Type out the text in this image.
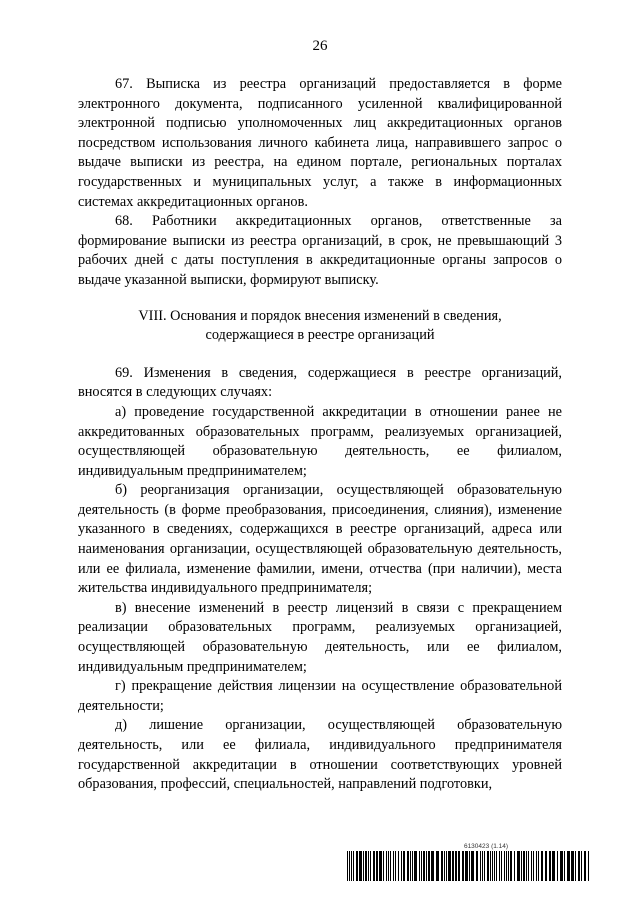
26

67. Выписка из реестра организаций предоставляется в форме электронного документа, подписанного усиленной квалифицированной электронной подписью уполномоченных лиц аккредитационных органов посредством использования личного кабинета лица, направившего запрос о выдаче выписки из реестра, на едином портале, региональных порталах государственных и муниципальных услуг, а также в информационных системах аккредитационных органов.

68. Работники аккредитационных органов, ответственные за формирование выписки из реестра организаций, в срок, не превышающий 3 рабочих дней с даты поступления в аккредитационные органы запросов о выдаче указанной выписки, формируют выписку.

VIII. Основания и порядок внесения изменений в сведения,
содержащиеся в реестре организаций

69. Изменения в сведения, содержащиеся в реестре организаций, вносятся в следующих случаях:

а) проведение государственной аккредитации в отношении ранее не аккредитованных образовательных программ, реализуемых организацией, осуществляющей образовательную деятельность, ее филиалом, индивидуальным предпринимателем;

б) реорганизация организации, осуществляющей образовательную деятельность (в форме преобразования, присоединения, слияния), изменение указанного в сведениях, содержащихся в реестре организаций, адреса или наименования организации, осуществляющей образовательную деятельность, или ее филиала, изменение фамилии, имени, отчества (при наличии), места жительства индивидуального предпринимателя;

в) внесение изменений в реестр лицензий в связи с прекращением реализации образовательных программ, реализуемых организацией, осуществляющей образовательную деятельность, или ее филиалом, индивидуальным предпринимателем;

г) прекращение действия лицензии на осуществление образовательной деятельности;

д) лишение организации, осуществляющей образовательную деятельность, или ее филиала, индивидуального предпринимателя государственной аккредитации в отношении соответствующих уровней образования, профессий, специальностей, направлений подготовки,

6130423 (1.14)
